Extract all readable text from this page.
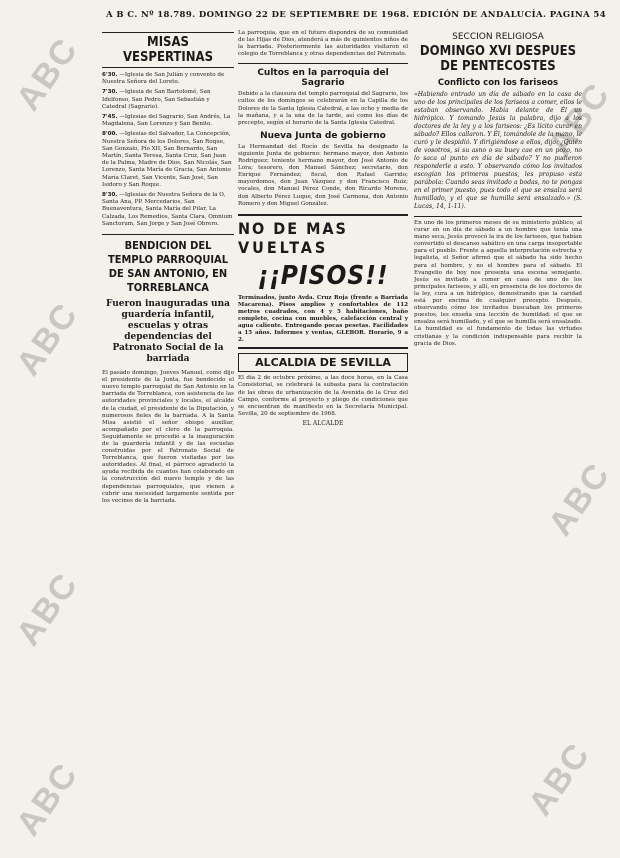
ABC
ABC
ABC
ABC
ABC
ABC
ABC
A B C. Nº 18.789. DOMINGO 22 DE SEPTIEMBRE DE 1968. EDICIÓN DE ANDALUCÍA. PAGINA 54
MISAS VESPERTINAS
6'30. —Iglesia de San Julián y convento de Nuestra Señora del Loreto.
7'30. —Iglesia de San Bartolomé, San Idelfonso, San Pedro, San Sebastián y Catedral (Sagrario).
7'45. —Iglesias del Sagrario, San Andrés, La Magdalena, San Lorenzo y San Benito.
8'00. —Iglesias del Salvador, La Concepción, Nuestra Señora de los Dolores, San Roque, San Gonzalo, Pío XII, San Bernardo, San Martín, Santa Teresa, Santa Cruz, San Juan de la Palma, Madre de Dios, San Nicolás, San Lorenzo, Santa María de Gracia, San Antonio María Claret, San Vicente, San José, San Isidoro y San Roque.
8'30. —Iglesias de Nuestra Señora de la O, Santa Ana, PP. Mercedarios, San Buenaventura, Santa María del Pilar, La Calzada, Los Remedios, Santa Clara, Omnium Sanctorum, San Jorge y San José Obrero.
BENDICION DEL TEMPLO PARROQUIAL DE SAN ANTONIO, EN TORREBLANCA
Fueron inauguradas una guardería infantil, escuelas y otras dependencias del Patronato Social de la barriada
El pasado domingo, Jueves Manuel, como dijo el presidente de la Junta, fue bendecido el nuevo templo parroquial de San Antonio en la barriada de Torreblanca, con asistencia de las autoridades provinciales y locales, el alcalde de la ciudad, el presidente de la Diputación, y numerosos fieles de la barriada. A la Santa Misa asistió el señor obispo auxiliar, acompañado por el clero de la parroquia. Seguidamente se procedió a la inauguración de la guardería infantil y de las escuelas construidas por el Patronato Social de Torreblanca, que fueron visitadas por las autoridades. Al final, el párroco agradeció la ayuda recibida de cuantos han colaborado en la construcción del nuevo templo y de las dependencias parroquiales, que vienen a cubrir una necesidad largamente sentida por los vecinos de la barriada.
La parroquia, que en el futuro dispondrá de su comunidad de las Hijas de Dios, atenderá a más de quinientos niños de la barriada. Posteriormente las autoridades visitaron el colegio de Torreblanca y otras dependencias del Patronato.
Cultos en la parroquia del Sagrario
Debido a la clausura del templo parroquial del Sagrario, los cultos de los domingos se celebrarán en la Capilla de los Dolores de la Santa Iglesia Catedral, a las ocho y media de la mañana, y a la una de la tarde, así como los días de precepto, según el horario de la Santa Iglesia Catedral.
Nueva Junta de gobierno
La Hermandad del Rocío de Sevilla ha designado la siguiente Junta de gobierno: hermano mayor, don Antonio Rodríguez; teniente hermano mayor, don José Antonio de Lora; tesorero, don Manuel Sánchez; secretario, don Enrique Fernández; fiscal, don Rafael Garrido; mayordomos, don Juan Vázquez y don Francisco Ruiz; vocales, don Manuel Pérez Conde, don Ricardo Moreno, don Alberto Pérez Luque, don José Carmona, don Antonio Romero y don Miguel González.
NO DE MAS
VUELTAS
¡¡PISOS!!
Terminados, junto Avda. Cruz Roja (frente a Barriada Macarena). Pisos amplios y confortables de 112 metros cuadrados, con 4 y 5 habitaciones, baño completo, cocina con muebles, calefacción central y agua caliente. Entregando pocas pesetas. Facilidades a 15 años. Informes y ventas, GLEBOR. Horario, 9 a 2.
ALCALDIA DE SEVILLA
El día 2 de octubre próximo, a las doce horas, en la Casa Consistorial, se celebrará la subasta para la contratación de las obras de urbanización de la Avenida de la Cruz del Campo, conforme al proyecto y pliego de condiciones que se encuentran de manifiesto en la Secretaría Municipal. Sevilla, 20 de septiembre de 1968.
EL ALCALDE
SECCION RELIGIOSA
DOMINGO XVI DESPUES
DE PENTECOSTES
Conflicto con los fariseos
«Habiendo entrado un día de sábado en la casa de uno de los principales de los fariseos a comer, ellos le estaban observando. Había delante de Él un hidrópico. Y tomando Jesús la palabra, dijo a los doctores de la ley y a los fariseos: ¿Es lícito curar en sábado? Ellos callaron. Y Él, tomándole de la mano, le curó y le despidió. Y dirigiéndose a ellos, dijo: ¿Quién de vosotros, si su asno o su buey cae en un pozo, no lo saca al punto en día de sábado? Y no pudieron responderle a esto. Y observando cómo los invitados escogían los primeros puestos, les propuso esta parábola: Cuando seas invitado a bodas, no te pongas en el primer puesto, pues todo el que se ensalza será humillado, y el que se humilla será ensalzado.» (S. Lucas, 14, 1-11).
En uno de los primeros meses de su ministerio público, al curar en un día de sábado a un hombre que tenía una mano seca, Jesús provocó la ira de los fariseos, que habían convertido el descanso sabático en una carga insoportable para el pueblo. Frente a aquella interpretación estrecha y legalista, el Señor afirmó que el sábado ha sido hecho para el hombre, y no el hombre para el sábado. El Evangelio de hoy nos presenta una escena semejante. Jesús es invitado a comer en casa de uno de los principales fariseos, y allí, en presencia de los doctores de la ley, cura a un hidrópico, demostrando que la caridad está por encima de cualquier precepto. Después, observando cómo los invitados buscaban los primeros puestos, les enseña una lección de humildad: el que se ensalza será humillado, y el que se humilla será ensalzado. La humildad es el fundamento de todas las virtudes cristianas y la condición indispensable para recibir la gracia de Dios.
